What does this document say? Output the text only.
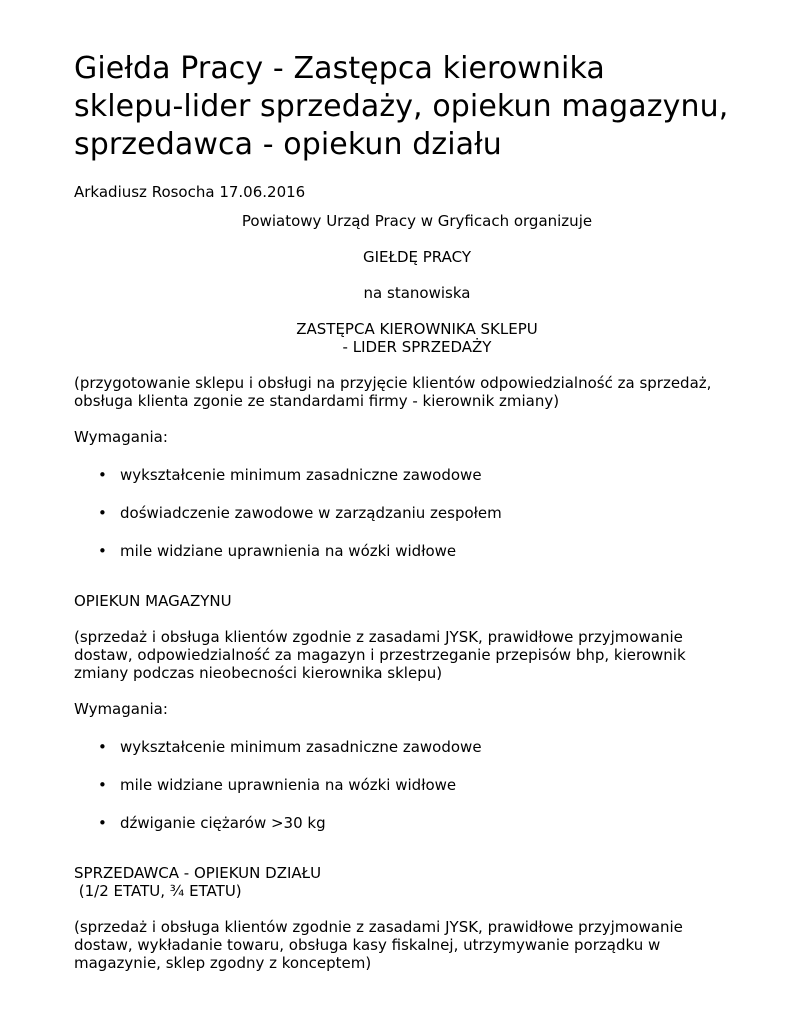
Giełda Pracy - Zastępca kierownika
sklepu-lider sprzedaży, opiekun magazynu,
sprzedawca - opiekun działu
Arkadiusz Rosocha 17.06.2016
Powiatowy Urząd Pracy w Gryficach organizuje
GIEŁDĘ PRACY
na stanowiska
ZASTĘPCA KIEROWNIKA SKLEPU
- LIDER SPRZEDAŻY

(przygotowanie sklepu i obsługi na przyjęcie klientów odpowiedzialność za sprzedaż,
obsługa klienta zgonie ze standardami firmy - kierownik zmiany)

Wymagania:

• wykształcenie minimum zasadniczne zawodowe
• doświadczenie zawodowe w zarządzaniu zespołem
• mile widziane uprawnienia na wózki widłowe

OPIEKUN MAGAZYNU

(sprzedaż i obsługa klientów zgodnie z zasadami JYSK, prawidłowe przyjmowanie
dostaw, odpowiedzialność za magazyn i przestrzeganie przepisów bhp, kierownik
zmiany podczas nieobecności kierownika sklepu)

Wymagania:

• wykształcenie minimum zasadniczne zawodowe
• mile widziane uprawnienia na wózki widłowe
• dźwiganie ciężarów >30 kg

SPRZEDAWCA - OPIEKUN DZIAŁU
(1/2 ETATU, ¾ ETATU)

(sprzedaż i obsługa klientów zgodnie z zasadami JYSK, prawidłowe przyjmowanie
dostaw, wykładanie towaru, obsługa kasy fiskalnej, utrzymywanie porządku w
magazynie, sklep zgodny z konceptem)
